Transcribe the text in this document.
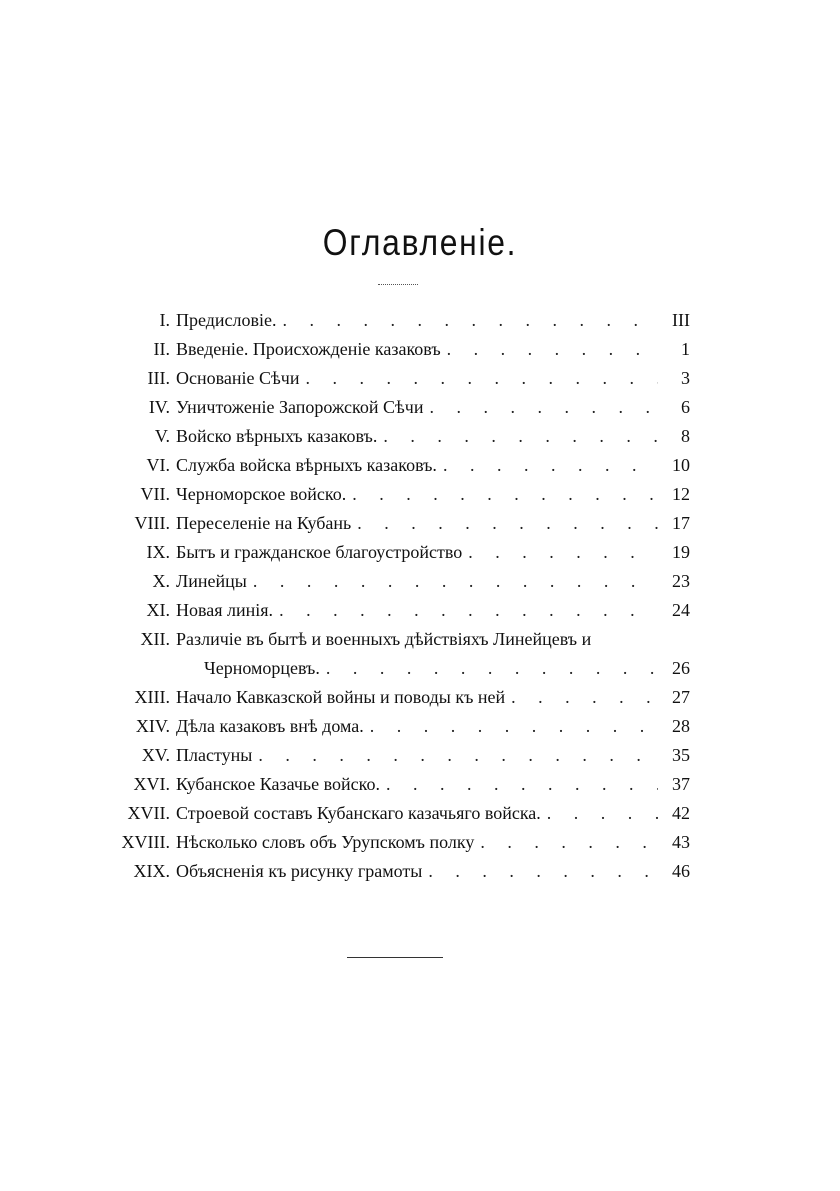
Оглавленіе.
I. Предисловіе. . . .	III
II. Введеніе. Происхожденіе казаковъ . . .	1
III. Основаніе Сѣчи . . .	3
IV. Уничтоженіе Запорожской Сѣчи . . .	6
V. Войско вѣрныхъ казаковъ. . . .	8
VI. Служба войска вѣрныхъ казаковъ. . . .	10
VII. Черноморское войско. . . .	12
VIII. Переселеніе на Кубань . . .	17
IX. Бытъ и гражданское благоустройство . . .	19
X. Линейцы . . .	23
XI. Новая линія. . . .	24
XII. Различіе въ бытѣ и военныхъ дѣйствіяхъ Линейцевъ и
Черноморцевъ. . . .	26
XIII. Начало Кавказской войны и поводы къ ней . . .	27
XIV. Дѣла казаковъ внѣ дома. . . .	28
XV. Пластуны . . .	35
XVI. Кубанское Казачье войско. . . .	37
XVII. Строевой составъ Кубанскаго казачьяго войска. . . .	42
XVIII. Нѣсколько словъ объ Урупскомъ полку . . .	43
XIX. Объясненія къ рисунку грамоты . . .	46
